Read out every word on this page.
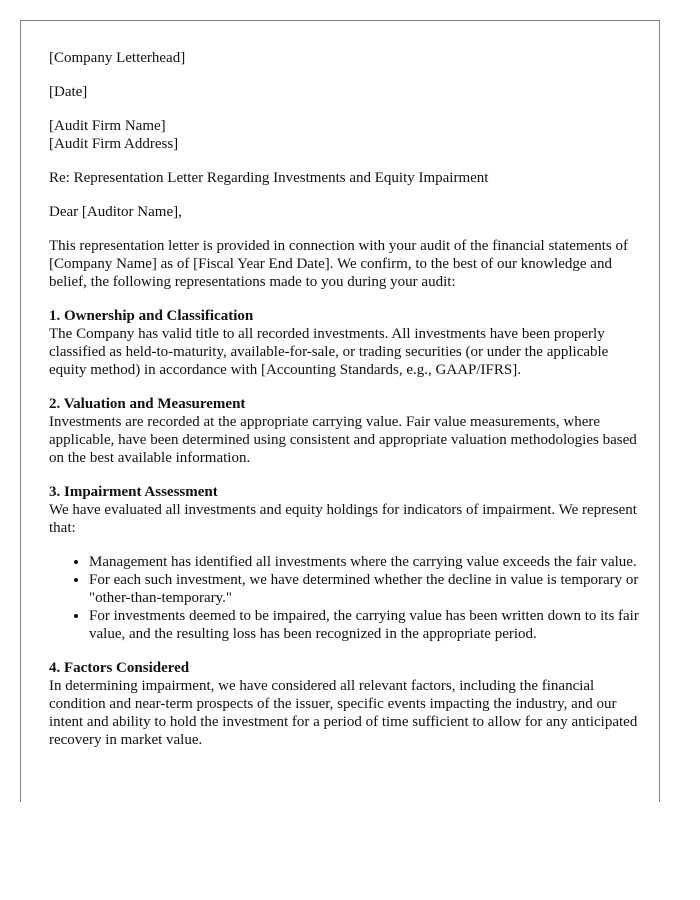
[Company Letterhead]

[Date]

[Audit Firm Name]
[Audit Firm Address]

Re: Representation Letter Regarding Investments and Equity Impairment

Dear [Auditor Name],

This representation letter is provided in connection with your audit of the financial statements of [Company Name] as of [Fiscal Year End Date]. We confirm, to the best of our knowledge and belief, the following representations made to you during your audit:

1. Ownership and Classification
The Company has valid title to all recorded investments. All investments have been properly classified as held-to-maturity, available-for-sale, or trading securities (or under the applicable equity method) in accordance with [Accounting Standards, e.g., GAAP/IFRS].
2. Valuation and Measurement
Investments are recorded at the appropriate carrying value. Fair value measurements, where applicable, have been determined using consistent and appropriate valuation methodologies based on the best available information.
3. Impairment Assessment
We have evaluated all investments and equity holdings for indicators of impairment. We represent that:
• Management has identified all investments where the carrying value exceeds the fair value.
• For each such investment, we have determined whether the decline in value is temporary or "other-than-temporary."
• For investments deemed to be impaired, the carrying value has been written down to its fair value, and the resulting loss has been recognized in the appropriate period.
4. Factors Considered
In determining impairment, we have considered all relevant factors, including the financial condition and near-term prospects of the issuer, specific events impacting the industry, and our intent and ability to hold the investment for a period of time sufficient to allow for any anticipated recovery in market value.
